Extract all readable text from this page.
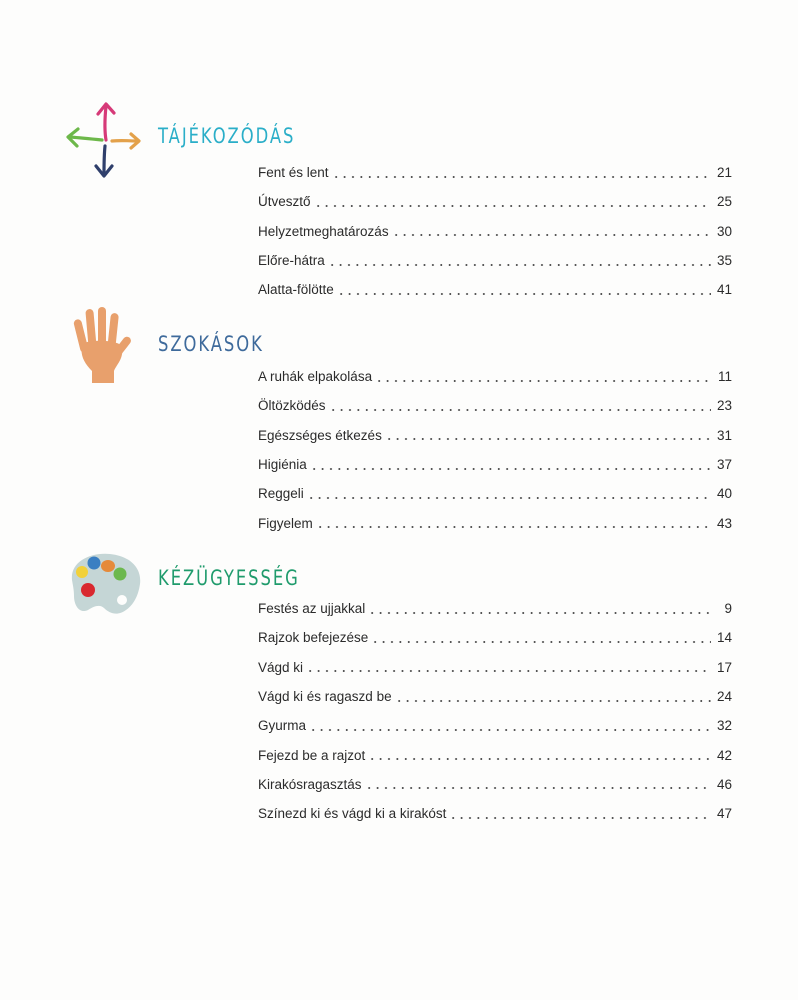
TÁJÉKOZÓDÁS
Fent és lent	21
Útvesztő	25
Helyzetmeghatározás	30
Előre-hátra	35
Alatta-fölötte	41
SZOKÁSOK
A ruhák elpakolása	11
Öltözködés	23
Egészséges étkezés	31
Higiénia	37
Reggeli	40
Figyelem	43
KÉZÜGYESSÉG
Festés az ujjakkal	9
Rajzok befejezése	14
Vágd ki	17
Vágd ki és ragaszd be	24
Gyurma	32
Fejezd be a rajzot	42
Kirakósragasztás	46
Színezd ki és vágd ki a kirakóst	47
